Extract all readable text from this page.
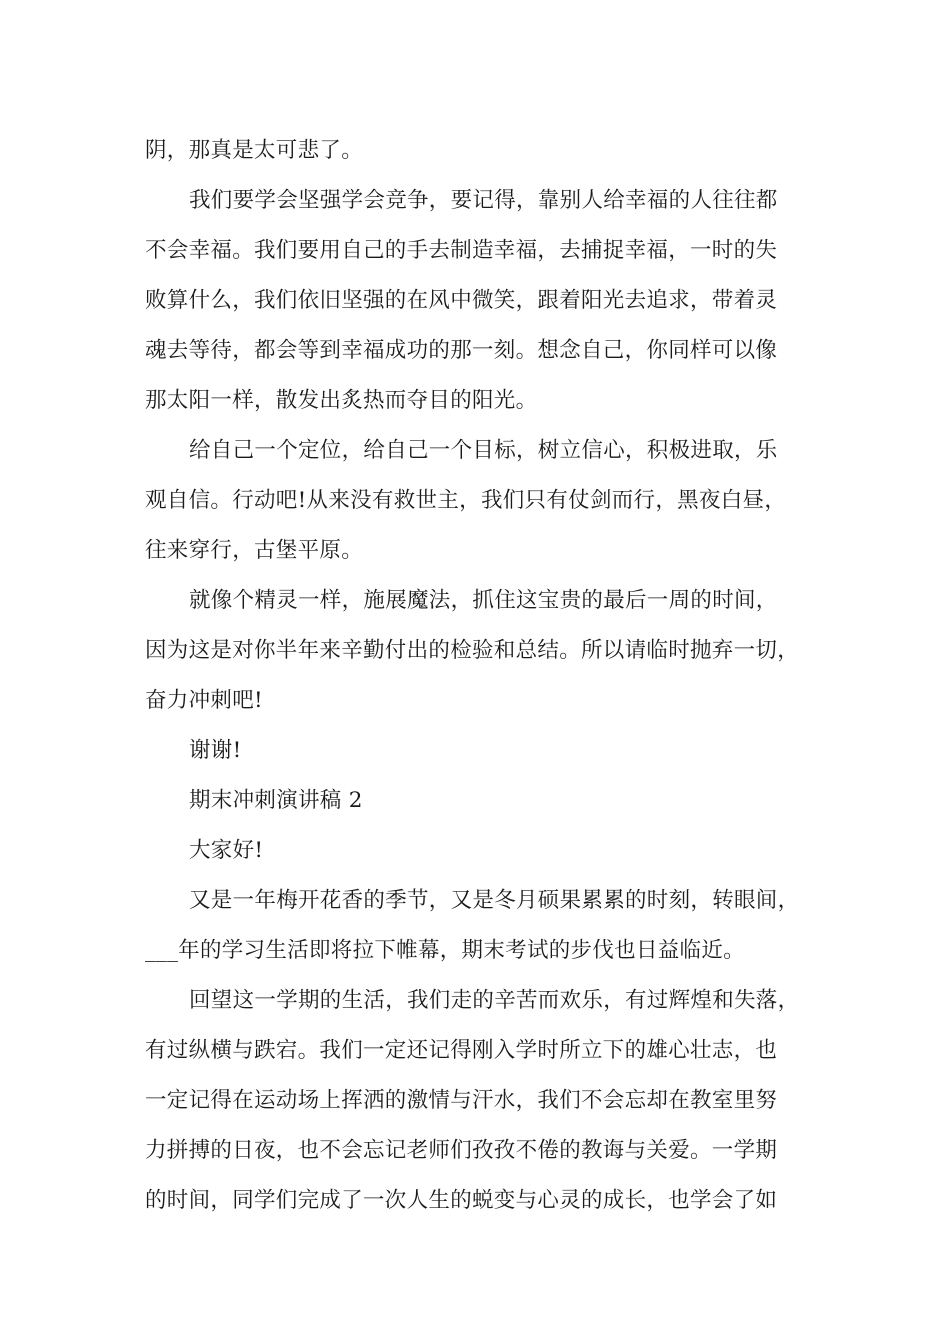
阴，那真是太可悲了。
我们要学会坚强学会竞争，要记得，靠别人给幸福的人往往都
不会幸福。我们要用自己的手去制造幸福，去捕捉幸福，一时的失
败算什么，我们依旧坚强的在风中微笑，跟着阳光去追求，带着灵
魂去等待，都会等到幸福成功的那一刻。想念自己，你同样可以像
那太阳一样，散发出炙热而夺目的阳光。
给自己一个定位，给自己一个目标，树立信心，积极进取，乐
观自信。行动吧!从来没有救世主，我们只有仗剑而行，黑夜白昼，
往来穿行，古堡平原。
就像个精灵一样，施展魔法，抓住这宝贵的最后一周的时间，
因为这是对你半年来辛勤付出的检验和总结。所以请临时抛弃一切，
奋力冲刺吧!
谢谢!
期末冲刺演讲稿 2
大家好!
又是一年梅开花香的季节，又是冬月硕果累累的时刻，转眼间，
___年的学习生活即将拉下帷幕，期末考试的步伐也日益临近。
回望这一学期的生活，我们走的辛苦而欢乐，有过辉煌和失落，
有过纵横与跌宕。我们一定还记得刚入学时所立下的雄心壮志，也
一定记得在运动场上挥洒的激情与汗水，我们不会忘却在教室里努
力拼搏的日夜，也不会忘记老师们孜孜不倦的教诲与关爱。一学期
的时间，同学们完成了一次人生的蜕变与心灵的成长，也学会了如
